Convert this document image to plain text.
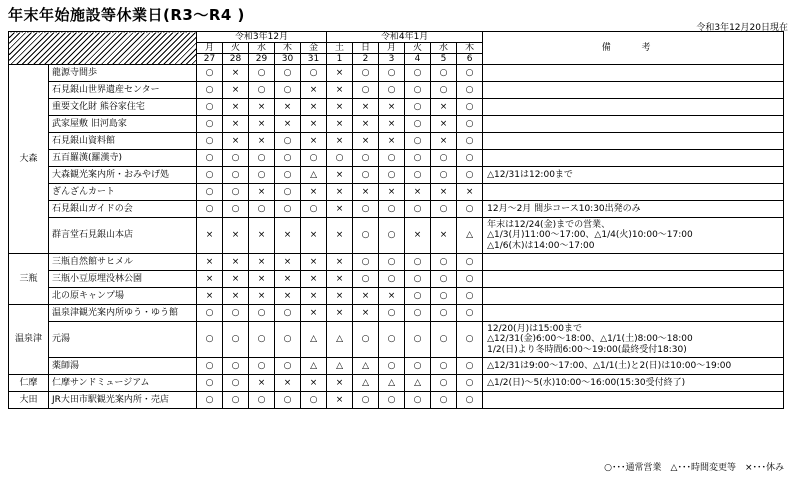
年末年始施設等休業日(R3〜R4 )
令和3年12月20日現在
		令和3年12月					令和4年1月						備 考
		月	火	水	木	金	土	日	月	火	水	木	
		27	28	29	30	31	1	2	3	4	5	6	
大森	龍源寺間歩	○	×	○	○	○	×	○	○	○	○	○	
	石見銀山世界遺産センター	○	×	○	○	×	×	○	○	○	○	○	
	重要文化財 熊谷家住宅	○	×	×	×	×	×	×	×	○	×	○	
	武家屋敷 旧河島家	○	×	×	×	×	×	×	×	○	×	○	
	石見銀山資料館	○	×	×	○	×	×	×	×	○	×	○	
	五百羅漢(羅漢寺)	○	○	○	○	○	○	○	○	○	○	○	
	大森観光案内所・おみやげ処	○	○	○	○	△	×	○	○	○	○	○	△12/31は12:00まで
	ぎんざんカート	○	○	×	○	×	×	×	×	×	×	×	
	石見銀山ガイドの会	○	○	○	○	○	×	○	○	○	○	○	12月〜2月 間歩コース10:30出発のみ
	群言堂石見銀山本店	×	×	×	×	×	×	○	○	×	×	△	年末は12/24(金)までの営業、
△1/3(月)11:00〜17:00、△1/4(火)10:00〜17:00
△1/6(木)は14:00〜17:00
三瓶	三瓶自然館サヒメル	×	×	×	×	×	×	○	○	○	○	○	
	三瓶小豆原埋没林公園	×	×	×	×	×	×	○	○	○	○	○	
	北の原キャンプ場	×	×	×	×	×	×	×	×	○	○	○	
温泉津	温泉津観光案内所ゆう・ゆう館	○	○	○	○	×	×	×	○	○	○	○	
	元湯	○	○	○	○	△	△	○	○	○	○	○	12/20(月)は15:00まで
△12/31(金)6:00〜18:00、△1/1(土)8:00〜18:00
1/2(日)より冬時間6:00〜19:00(最終受付18:30)
	薬師湯	○	○	○	○	△	△	△	○	○	○	○	△12/31は9:00〜17:00、△1/1(土)と2(日)は10:00〜19:00
仁摩	仁摩サンドミュージアム	○	○	×	×	×	×	△	△	△	○	○	△1/2(日)〜5(水)10:00〜16:00(15:30受付終了)
大田	JR大田市駅観光案内所・売店	○	○	○	○	○	×	○	○	○	○	○	
○･･･通常営業　△･･･時間変更等　×･･･休み
